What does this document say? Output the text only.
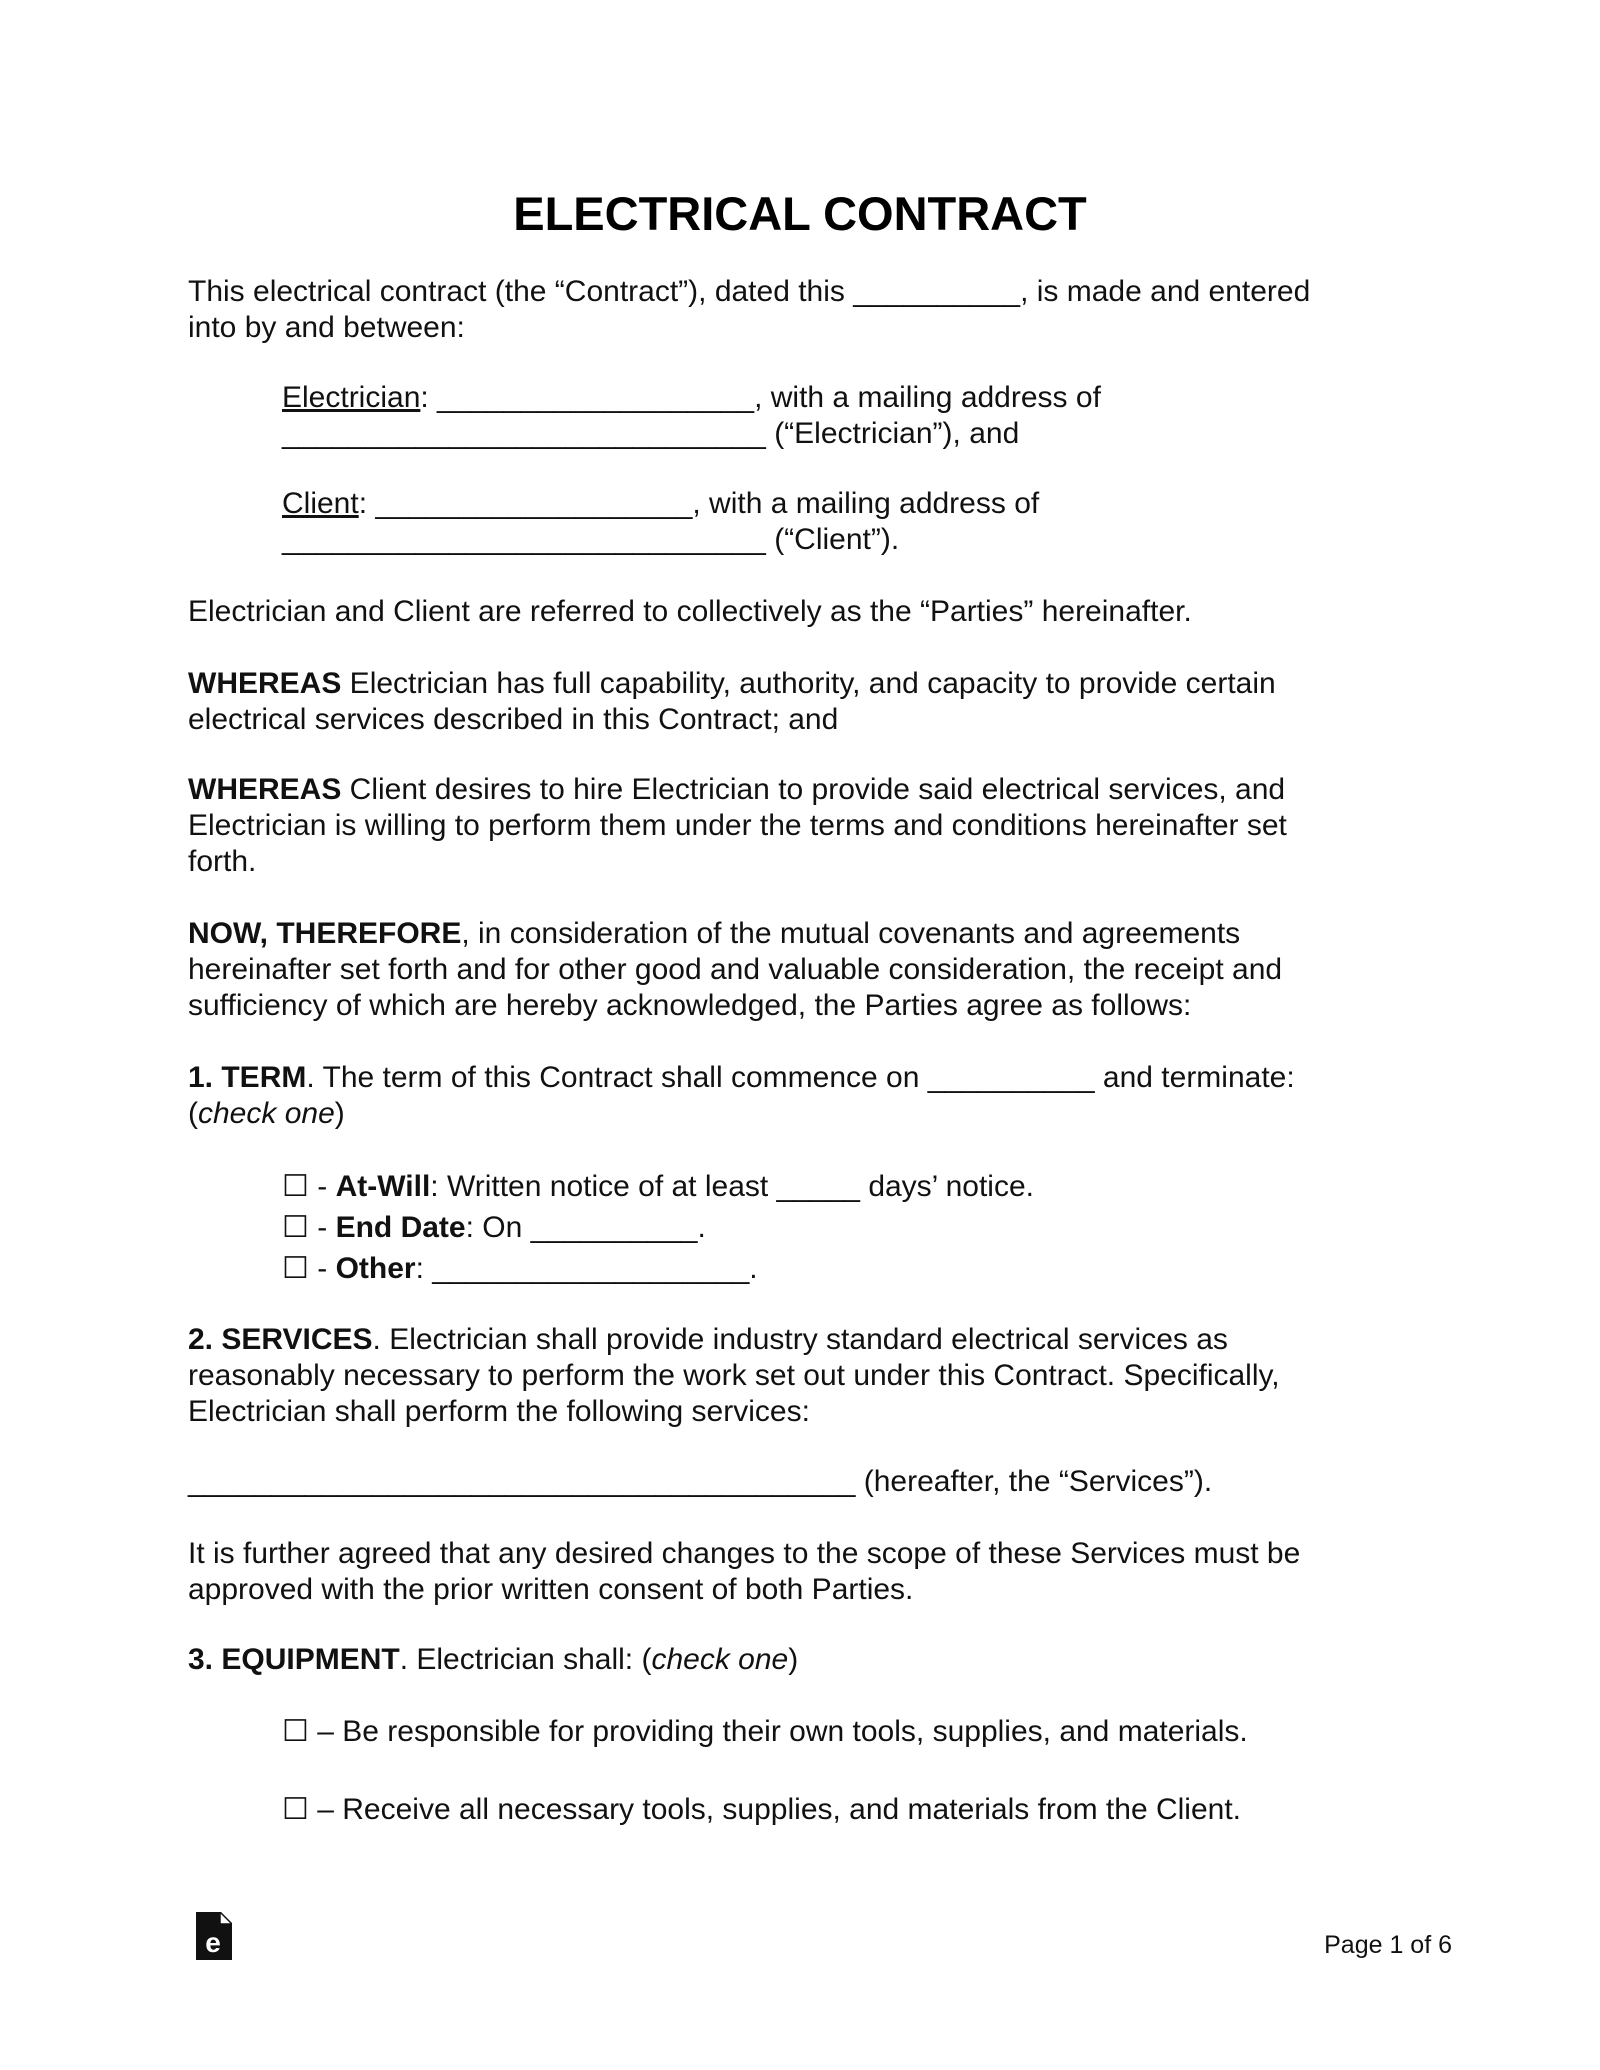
ELECTRICAL CONTRACT

This electrical contract (the “Contract”), dated this __________, is made and entered

into by and between:

Electrician: ___________________, with a mailing address of

_____________________________ (“Electrician”), and

Client: ___________________, with a mailing address of

_____________________________ (“Client”).

Electrician and Client are referred to collectively as the “Parties” hereinafter.

WHEREAS Electrician has full capability, authority, and capacity to provide certain

electrical services described in this Contract; and

WHEREAS Client desires to hire Electrician to provide said electrical services, and

Electrician is willing to perform them under the terms and conditions hereinafter set

forth.

NOW, THEREFORE, in consideration of the mutual covenants and agreements

hereinafter set forth and for other good and valuable consideration, the receipt and

sufficiency of which are hereby acknowledged, the Parties agree as follows:

1. TERM. The term of this Contract shall commence on __________ and terminate:

(check one)

☐ - At-Will: Written notice of at least _____ days’ notice.

☐ - End Date: On __________.

☐ - Other: ___________________.

2. SERVICES. Electrician shall provide industry standard electrical services as

reasonably necessary to perform the work set out under this Contract. Specifically,

Electrician shall perform the following services:

________________________________________ (hereafter, the “Services”).

It is further agreed that any desired changes to the scope of these Services must be

approved with the prior written consent of both Parties.

3. EQUIPMENT. Electrician shall: (check one)

☐ – Be responsible for providing their own tools, supplies, and materials.

☐ – Receive all necessary tools, supplies, and materials from the Client.

e	Page 1 of 6
